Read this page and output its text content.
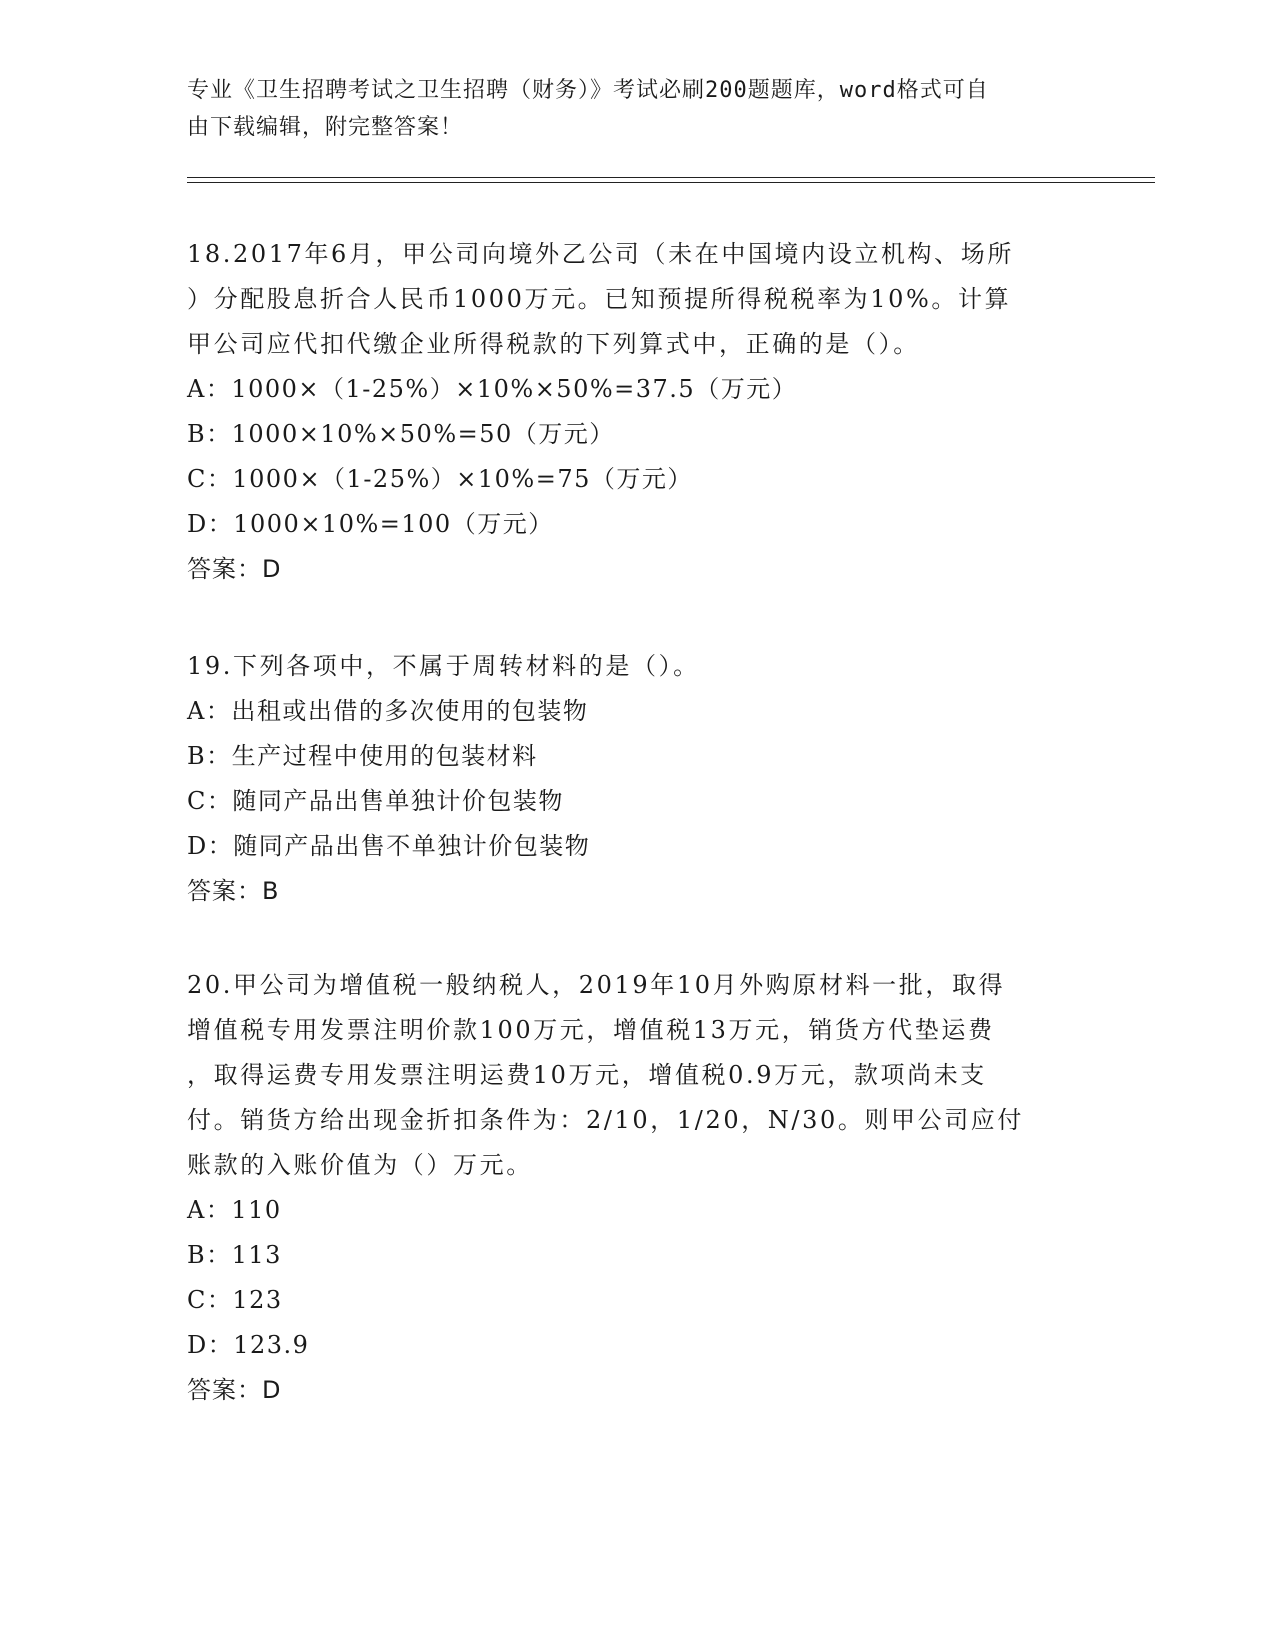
专业《卫生招聘考试之卫生招聘（财务）》考试必刷200题题库，word格式可自
由下载编辑，附完整答案！

18.2017年6月，甲公司向境外乙公司（未在中国境内设立机构、场所

）分配股息折合人民币1000万元。已知预提所得税税率为10%。计算

甲公司应代扣代缴企业所得税款的下列算式中，正确的是（）。

A：1000×（1-25%）×10%×50%=37.5（万元）

B：1000×10%×50%=50（万元）

C：1000×（1-25%）×10%=75（万元）

D：1000×10%=100（万元）

答案：D

19.下列各项中，不属于周转材料的是（）。

A：出租或出借的多次使用的包装物

B：生产过程中使用的包装材料

C：随同产品出售单独计价包装物

D：随同产品出售不单独计价包装物

答案：B

20.甲公司为增值税一般纳税人，2019年10月外购原材料一批，取得

增值税专用发票注明价款100万元，增值税13万元，销货方代垫运费

，取得运费专用发票注明运费10万元，增值税0.9万元，款项尚未支

付。销货方给出现金折扣条件为：2/10，1/20，N/30。则甲公司应付

账款的入账价值为（）万元。

A：110

B：113

C：123

D：123.9

答案：D
